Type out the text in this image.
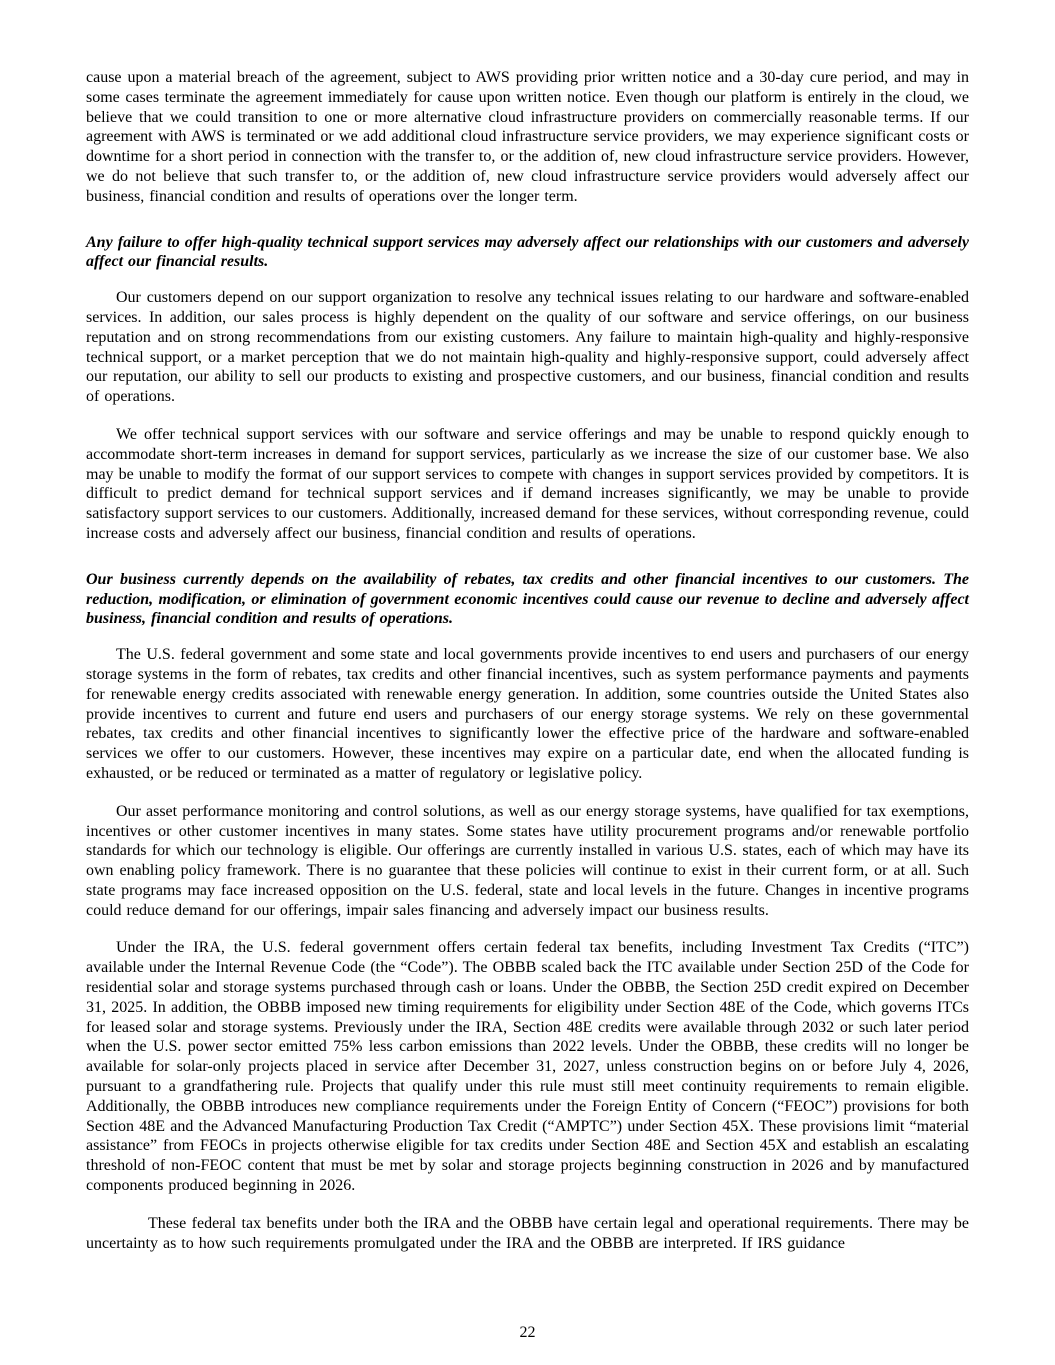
cause upon a material breach of the agreement, subject to AWS providing prior written notice and a 30-day cure period, and may in some cases terminate the agreement immediately for cause upon written notice. Even though our platform is entirely in the cloud, we believe that we could transition to one or more alternative cloud infrastructure providers on commercially reasonable terms. If our agreement with AWS is terminated or we add additional cloud infrastructure service providers, we may experience significant costs or downtime for a short period in connection with the transfer to, or the addition of, new cloud infrastructure service providers. However, we do not believe that such transfer to, or the addition of, new cloud infrastructure service providers would adversely affect our business, financial condition and results of operations over the longer term.

Any failure to offer high-quality technical support services may adversely affect our relationships with our customers and adversely affect our financial results.

Our customers depend on our support organization to resolve any technical issues relating to our hardware and software-enabled services. In addition, our sales process is highly dependent on the quality of our software and service offerings, on our business reputation and on strong recommendations from our existing customers. Any failure to maintain high-quality and highly-responsive technical support, or a market perception that we do not maintain high-quality and highly-responsive support, could adversely affect our reputation, our ability to sell our products to existing and prospective customers, and our business, financial condition and results of operations.

We offer technical support services with our software and service offerings and may be unable to respond quickly enough to accommodate short-term increases in demand for support services, particularly as we increase the size of our customer base. We also may be unable to modify the format of our support services to compete with changes in support services provided by competitors. It is difficult to predict demand for technical support services and if demand increases significantly, we may be unable to provide satisfactory support services to our customers. Additionally, increased demand for these services, without corresponding revenue, could increase costs and adversely affect our business, financial condition and results of operations.

Our business currently depends on the availability of rebates, tax credits and other financial incentives to our customers. The reduction, modification, or elimination of government economic incentives could cause our revenue to decline and adversely affect business, financial condition and results of operations.

The U.S. federal government and some state and local governments provide incentives to end users and purchasers of our energy storage systems in the form of rebates, tax credits and other financial incentives, such as system performance payments and payments for renewable energy credits associated with renewable energy generation. In addition, some countries outside the United States also provide incentives to current and future end users and purchasers of our energy storage systems. We rely on these governmental rebates, tax credits and other financial incentives to significantly lower the effective price of the hardware and software-enabled services we offer to our customers. However, these incentives may expire on a particular date, end when the allocated funding is exhausted, or be reduced or terminated as a matter of regulatory or legislative policy.

Our asset performance monitoring and control solutions, as well as our energy storage systems, have qualified for tax exemptions, incentives or other customer incentives in many states. Some states have utility procurement programs and/or renewable portfolio standards for which our technology is eligible. Our offerings are currently installed in various U.S. states, each of which may have its own enabling policy framework. There is no guarantee that these policies will continue to exist in their current form, or at all. Such state programs may face increased opposition on the U.S. federal, state and local levels in the future. Changes in incentive programs could reduce demand for our offerings, impair sales financing and adversely impact our business results.

Under the IRA, the U.S. federal government offers certain federal tax benefits, including Investment Tax Credits (“ITC”) available under the Internal Revenue Code (the “Code”). The OBBB scaled back the ITC available under Section 25D of the Code for residential solar and storage systems purchased through cash or loans. Under the OBBB, the Section 25D credit expired on December 31, 2025. In addition, the OBBB imposed new timing requirements for eligibility under Section 48E of the Code, which governs ITCs for leased solar and storage systems. Previously under the IRA, Section 48E credits were available through 2032 or such later period when the U.S. power sector emitted 75% less carbon emissions than 2022 levels. Under the OBBB, these credits will no longer be available for solar-only projects placed in service after December 31, 2027, unless construction begins on or before July 4, 2026, pursuant to a grandfathering rule. Projects that qualify under this rule must still meet continuity requirements to remain eligible. Additionally, the OBBB introduces new compliance requirements under the Foreign Entity of Concern (“FEOC”) provisions for both Section 48E and the Advanced Manufacturing Production Tax Credit (“AMPTC”) under Section 45X. These provisions limit “material assistance” from FEOCs in projects otherwise eligible for tax credits under Section 48E and Section 45X and establish an escalating threshold of non-FEOC content that must be met by solar and storage projects beginning construction in 2026 and by manufactured components produced beginning in 2026.

These federal tax benefits under both the IRA and the OBBB have certain legal and operational requirements. There may be uncertainty as to how such requirements promulgated under the IRA and the OBBB are interpreted. If IRS guidance

22
